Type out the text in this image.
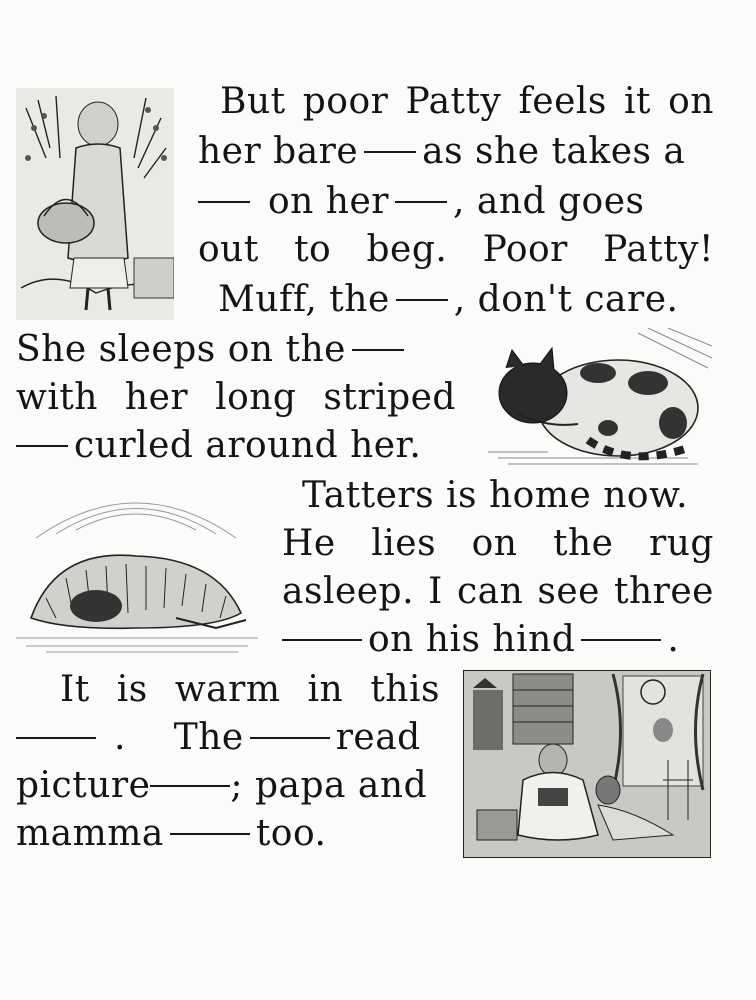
But poor Patty feels it on
her bare as she takes a
on her , and goes
out to beg. Poor Patty!
Muff, the , don't care.
She sleeps on the
with her long striped
curled around her.
Tatters is home now.
He lies on the rug
asleep. I can see three
on his hind	.
It is warm in this
. The	read
picture ; papa and
mamma	too.
